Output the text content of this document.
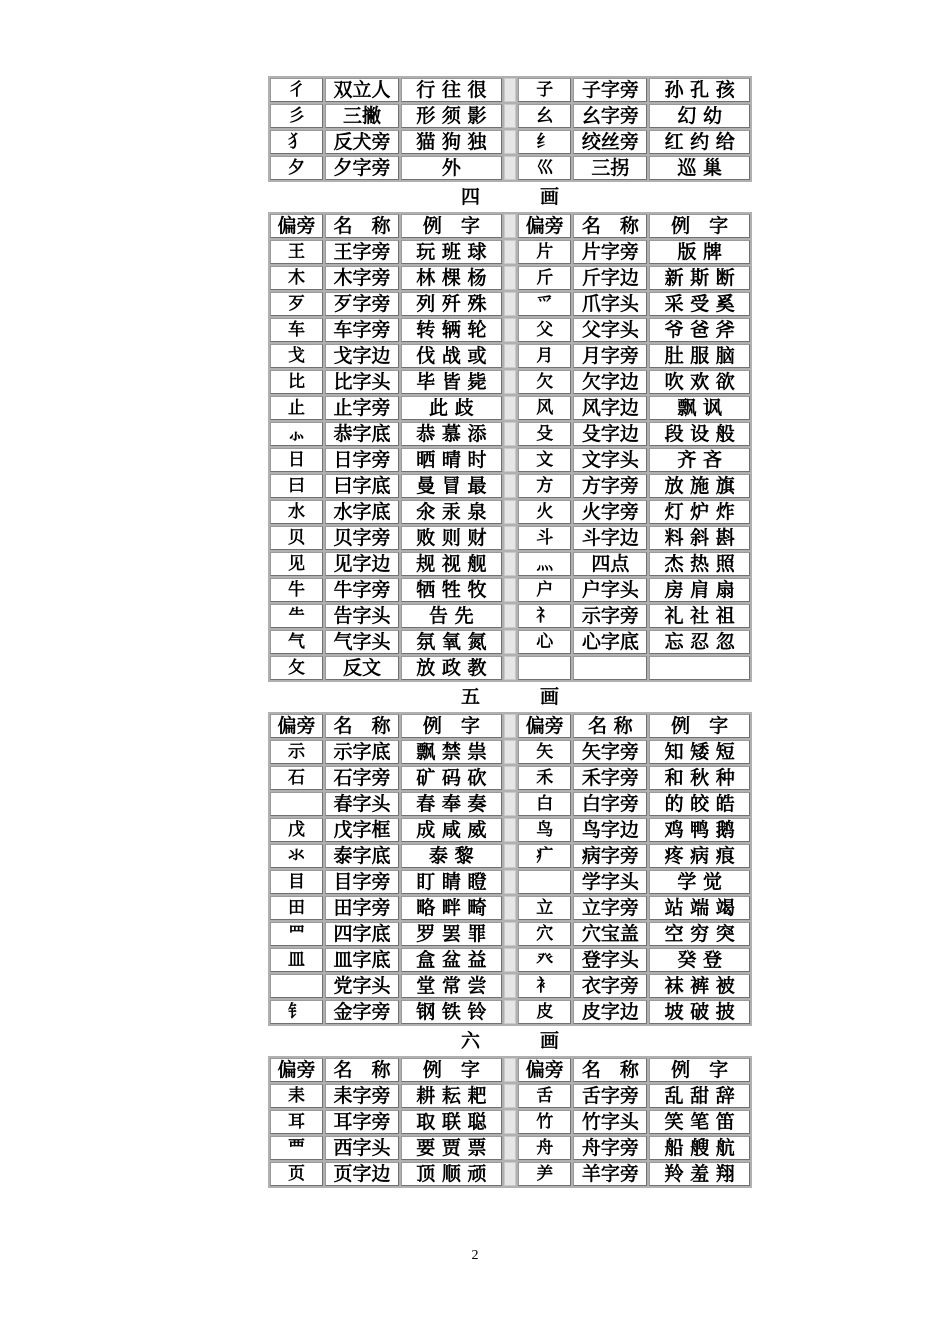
彳	双立人	行 往 很		子	子字旁	孙 孔 孩
彡	三撇	形 须 影		幺	幺字旁	幻 幼
犭	反犬旁	猫 狗 独		纟	绞丝旁	红 约 给
夕	夕字旁	外		巛	三拐	巡 巢
四画
偏旁	名　称	例　字		偏旁	名　称	例　字
王	王字旁	玩 班 球		片	片字旁	版 牌
木	木字旁	林 棵 杨		斤	斤字边	新 斯 断
歹	歹字旁	列 歼 殊		爫	爪字头	采 受 奚
车	车字旁	转 辆 轮		父	父字头	爷 爸 斧
戈	戈字边	伐 战 或		月	月字旁	肚 服 脑
比	比字头	毕 皆 毙		欠	欠字边	吹 欢 欲
止	止字旁	此 歧		风	风字边	飘 讽
⺗	恭字底	恭 慕 添		殳	殳字边	段 设 般
日	日字旁	晒 晴 时		文	文字头	齐 吝
曰	曰字底	曼 冒 最		方	方字旁	放 施 旗
水	水字底	氽 汞 泉		火	火字旁	灯 炉 炸
贝	贝字旁	败 则 财		斗	斗字边	料 斜 斟
见	见字边	规 视 舰		灬	四点	杰 热 照
牛	牛字旁	牺 牲 牧		户	户字头	房 肩 扇
⺧	告字头	告 先		礻	示字旁	礼 社 祖
气	气字头	氛 氧 氮		心	心字底	忘 忍 忽
攵	反文	放 政 教				
五画
偏旁	名　称	例　字		偏旁	名 称	例　字
示	示字底	飘 禁 祟		矢	矢字旁	知 矮 短
石	石字旁	矿 码 砍		禾	禾字旁	和 秋 种
	春字头	春 奉 奏		白	白字旁	的 皎 皓
戊	戊字框	成 咸 威		鸟	鸟字边	鸡 鸭 鹅
氺	泰字底	泰 黎		疒	病字旁	疼 病 痕
目	目字旁	盯 睛 瞪			学字头	学 觉
田	田字旁	略 畔 畸		立	立字旁	站 端 竭
罒	四字底	罗 罢 罪		穴	穴宝盖	空 穷 突
皿	皿字底	盒 盆 益		癶	登字头	癸 登
	党字头	堂 常 尝		衤	衣字旁	袜 裤 被
钅	金字旁	钢 铁 铃		皮	皮字边	坡 破 披
六画
偏旁	名　称	例　字		偏旁	名　称	例　字
耒	耒字旁	耕 耘 耙		舌	舌字旁	乱 甜 辞
耳	耳字旁	取 联 聪		竹	竹字头	笑 笔 笛
覀	西字头	要 贾 票		舟	舟字旁	船 艘 航
页	页字边	顶 顺 顽		⺶	羊字旁	羚 羞 翔
2
